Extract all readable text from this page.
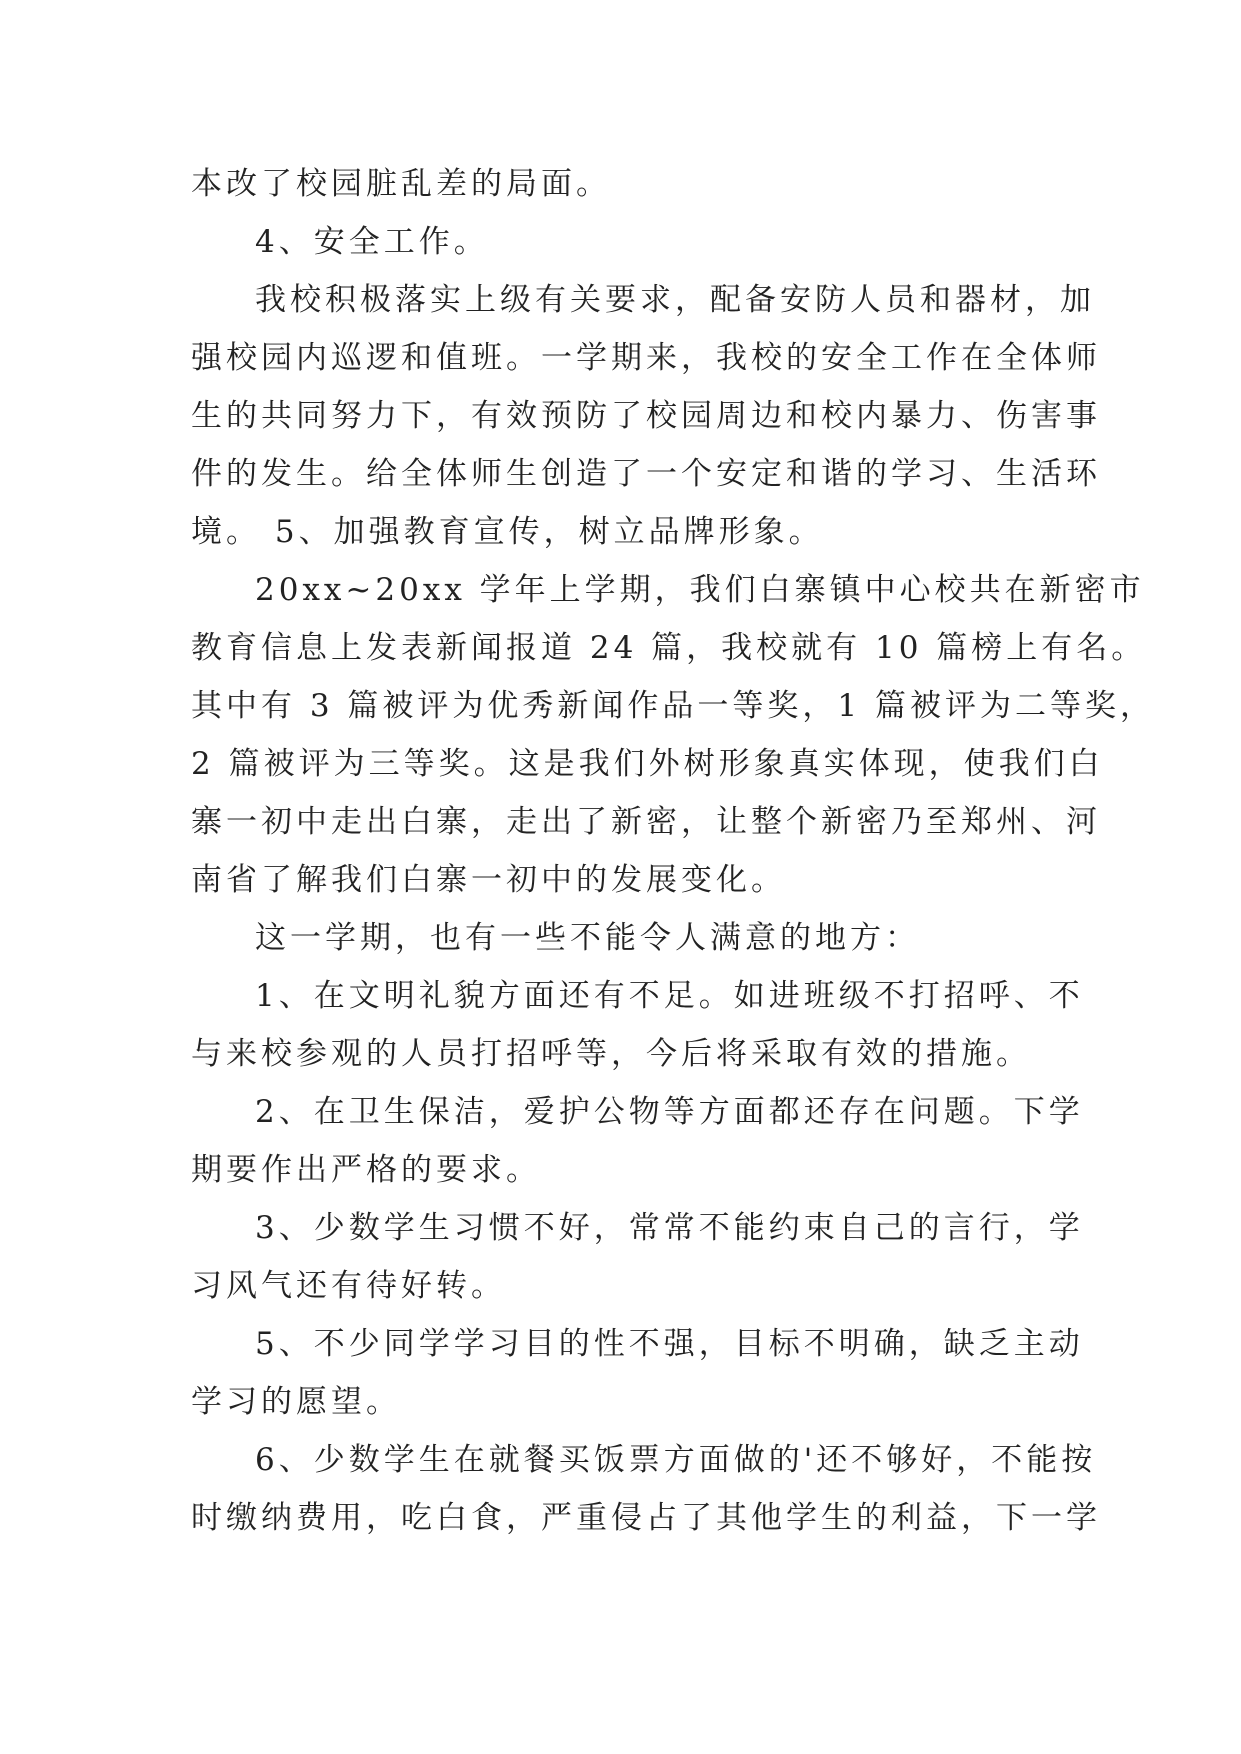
本改了校园脏乱差的局面。
4、安全工作。
我校积极落实上级有关要求，配备安防人员和器材，加
强校园内巡逻和值班。一学期来，我校的安全工作在全体师
生的共同努力下，有效预防了校园周边和校内暴力、伤害事
件的发生。给全体师生创造了一个安定和谐的学习、生活环
境。 5、加强教育宣传，树立品牌形象。
20xx~20xx 学年上学期，我们白寨镇中心校共在新密市
教育信息上发表新闻报道 24 篇，我校就有 10 篇榜上有名。
其中有 3 篇被评为优秀新闻作品一等奖，1 篇被评为二等奖，
2 篇被评为三等奖。这是我们外树形象真实体现，使我们白
寨一初中走出白寨，走出了新密，让整个新密乃至郑州、河
南省了解我们白寨一初中的发展变化。
这一学期，也有一些不能令人满意的地方：
1、在文明礼貌方面还有不足。如进班级不打招呼、不
与来校参观的人员打招呼等，今后将采取有效的措施。
2、在卫生保洁，爱护公物等方面都还存在问题。下学
期要作出严格的要求。
3、少数学生习惯不好，常常不能约束自己的言行，学
习风气还有待好转。
5、不少同学学习目的性不强，目标不明确，缺乏主动
学习的愿望。
6、少数学生在就餐买饭票方面做的'还不够好，不能按
时缴纳费用，吃白食，严重侵占了其他学生的利益，下一学
